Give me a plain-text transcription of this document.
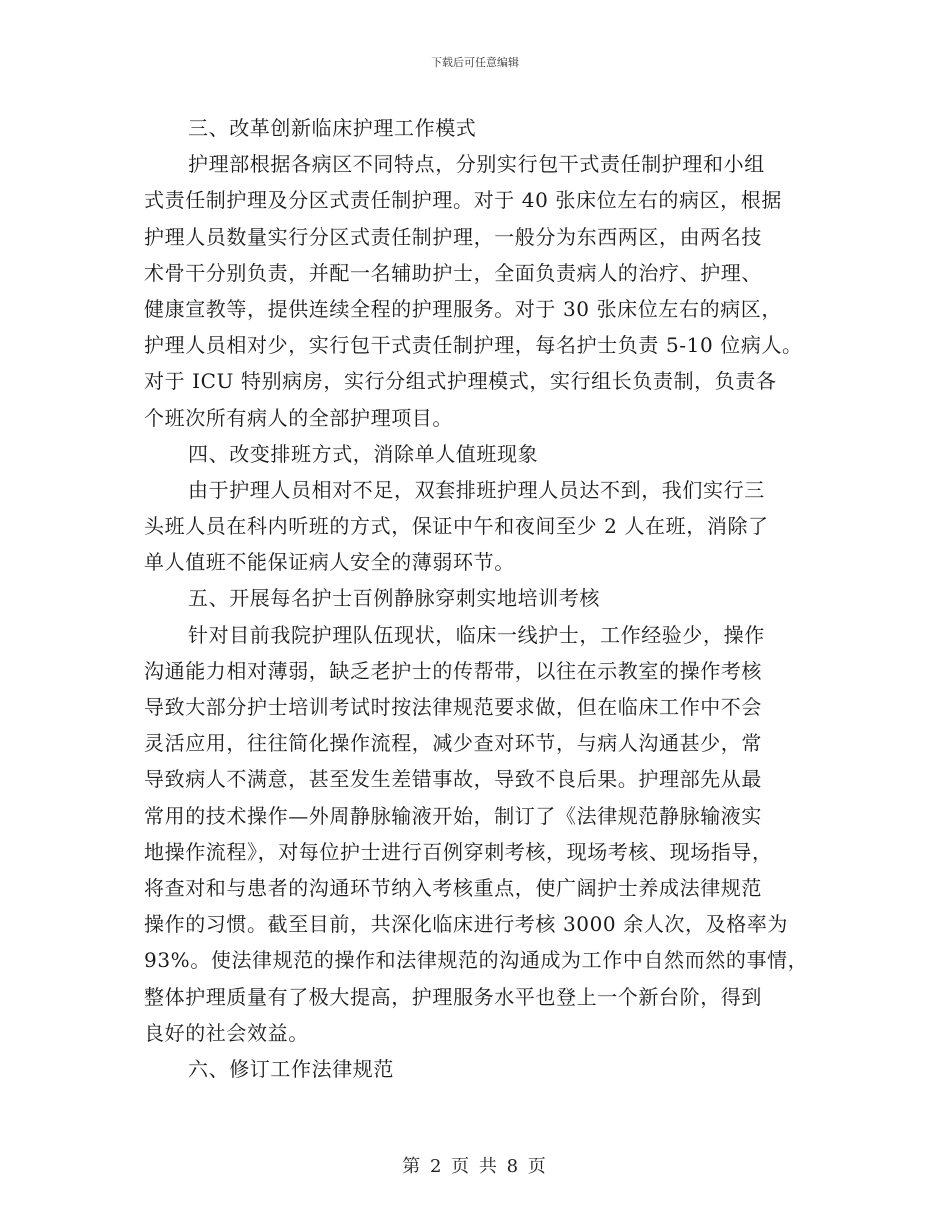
下载后可任意编辑
三、改革创新临床护理工作模式
护理部根据各病区不同特点，分别实行包干式责任制护理和小组
式责任制护理及分区式责任制护理。对于 40 张床位左右的病区，根据
护理人员数量实行分区式责任制护理，一般分为东西两区，由两名技
术骨干分别负责，并配一名辅助护士，全面负责病人的治疗、护理、
健康宣教等，提供连续全程的护理服务。对于 30 张床位左右的病区，
护理人员相对少，实行包干式责任制护理，每名护士负责 5-10 位病人。
对于 ICU 特别病房，实行分组式护理模式，实行组长负责制，负责各
个班次所有病人的全部护理项目。
四、改变排班方式，消除单人值班现象
由于护理人员相对不足，双套排班护理人员达不到，我们实行三
头班人员在科内听班的方式，保证中午和夜间至少 2 人在班，消除了
单人值班不能保证病人安全的薄弱环节。
五、开展每名护士百例静脉穿刺实地培训考核
针对目前我院护理队伍现状，临床一线护士，工作经验少，操作
沟通能力相对薄弱，缺乏老护士的传帮带，以往在示教室的操作考核
导致大部分护士培训考试时按法律规范要求做，但在临床工作中不会
灵活应用，往往简化操作流程，减少查对环节，与病人沟通甚少，常
导致病人不满意，甚至发生差错事故，导致不良后果。护理部先从最
常用的技术操作—外周静脉输液开始，制订了《法律规范静脉输液实
地操作流程》，对每位护士进行百例穿刺考核，现场考核、现场指导，
将查对和与患者的沟通环节纳入考核重点，使广阔护士养成法律规范
操作的习惯。截至目前，共深化临床进行考核 3000 余人次，及格率为
93%。使法律规范的操作和法律规范的沟通成为工作中自然而然的事情，
整体护理质量有了极大提高，护理服务水平也登上一个新台阶，得到
良好的社会效益。
六、修订工作法律规范
第 2 页 共 8 页
